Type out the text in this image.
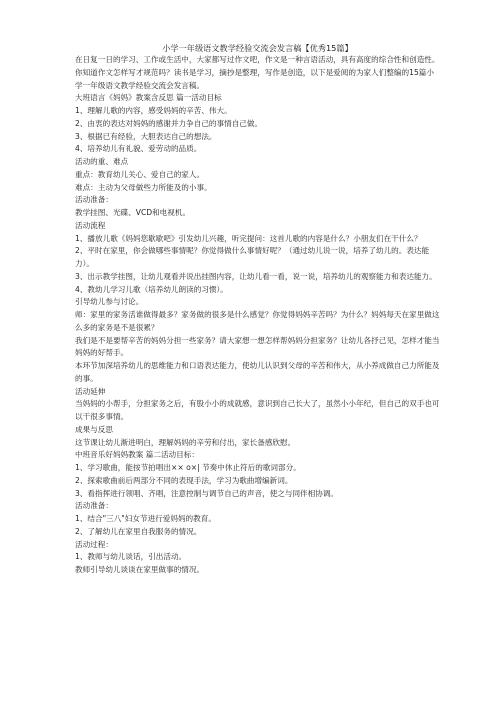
小学一年级语文教学经验交流会发言稿【优秀15篇】
在日复一日的学习、工作或生活中，大家都写过作文吧，作文是一种言语活动，具有高度的综合性和创造性。你知道作文怎样写才规范吗？读书是学习，摘抄是整理，写作是创造，以下是爱阅的为家人们整编的15篇小学一年级语文教学经验交流会发言稿。
大班语言《妈妈》教案含反思 篇一活动目标
1、理解儿歌的内容，感受妈妈的辛苦、伟大。
2、由衷的表达对妈妈的感谢并力争自己的事情自己做。
3、根据已有经验，大胆表达自己的想法。
4、培养幼儿有礼貌、爱劳动的品质。
活动的重、难点
重点：教育幼儿关心、爱自己的家人。
难点：主动为父母做些力所能及的小事。
活动准备：
教学挂图、光碟、VCD和电视机。
活动流程
1、播放儿歌《妈妈您歇歇吧》引发幼儿兴趣，听完提问：这首儿歌的内容是什么？小朋友们在干什么？
2、平时在家里，你会做哪些事情呢？你觉得做什么事情好呢？（通过幼儿说一说，培养了幼儿的。表达能力）。
3、出示教学挂图，让幼儿观看并说出挂图内容，让幼儿看一看，说一说，培养幼儿的观察能力和表达能力。
4、教幼儿学习儿歌（培养幼儿朗读的习惯）。
引导幼儿参与讨论。
师：家里的家务活谁做得最多？家务做的很多是什么感觉？你觉得妈妈辛苦吗？为什么？妈妈每天在家里做这么多的家务是不是很累？
我们是不是要帮辛苦的妈妈分担一些家务？请大家想一想怎样帮妈妈分担家务？让幼儿各抒己见，怎样才能当妈妈的好帮手。
本环节加深培养幼儿的思维能力和口语表达能力，使幼儿认识到父母的辛苦和伟大，从小养成做自己力所能及的事。
活动延伸
当妈妈的小帮手，分担家务之后，有股小小的成就感，意识到自己长大了，虽然小小年纪，但自己的双手也可以干很多事情。
成果与反思
这节课让幼儿渐进明白，理解妈妈的辛劳和付出，家长备感欣慰。
中班音乐好妈妈教案 篇二活动目标：
1、学习歌曲，能按节拍唱出×× o×| 节奏中休止符后的歌词部分。
2、探索歌曲前后两部分不同的表现手法，学习为歌曲增编新词。
3、看指挥进行领唱、齐唱，注意控制与调节自己的声音，使之与同伴相协调。
活动准备：
1、结合"三八"妇女节进行爱妈妈的教育。
2、了解幼儿在家里自我服务的情况。
活动过程：
1、教师与幼儿谈话，引出活动。
教师引导幼儿谈谈在家里做事的情况。
